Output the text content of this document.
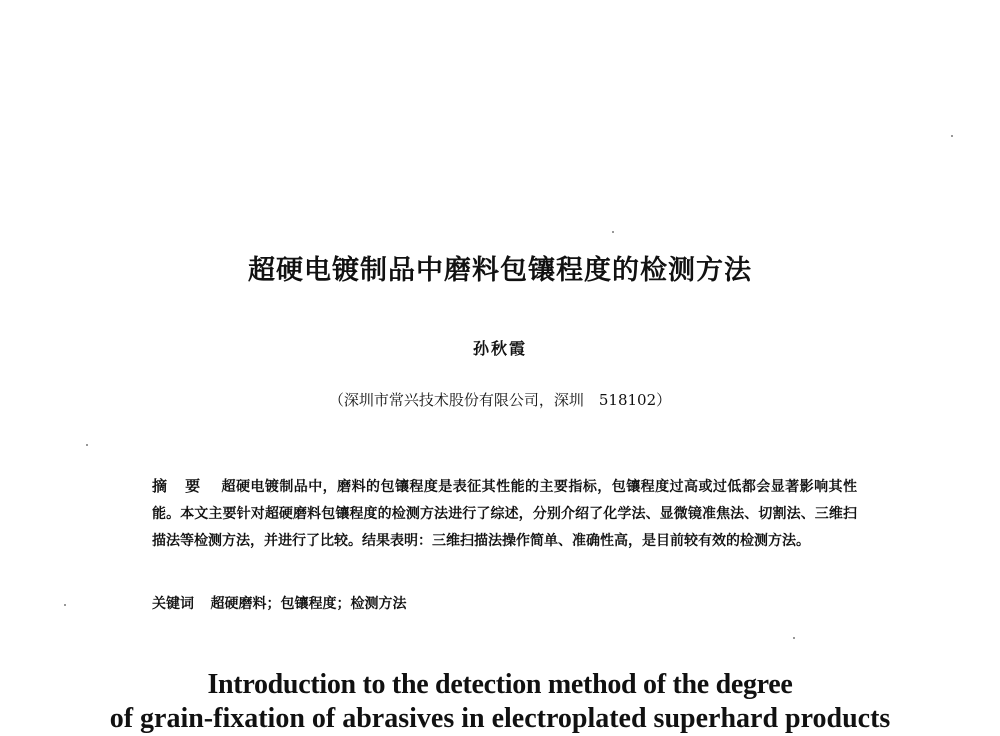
超硬电镀制品中磨料包镶程度的检测方法
孙秋霞
（深圳市常兴技术股份有限公司，深圳　518102）
摘 要 超硬电镀制品中，磨料的包镶程度是表征其性能的主要指标，包镶程度过高或过低都会显著影响其性能。本文主要针对超硬磨料包镶程度的检测方法进行了综述，分别介绍了化学法、显微镜准焦法、切割法、三维扫描法等检测方法，并进行了比较。结果表明：三维扫描法操作简单、准确性高，是目前较有效的检测方法。
关键词 超硬磨料；包镶程度；检测方法
Introduction to the detection method of the degree
of grain-fixation of abrasives in electroplated superhard products
